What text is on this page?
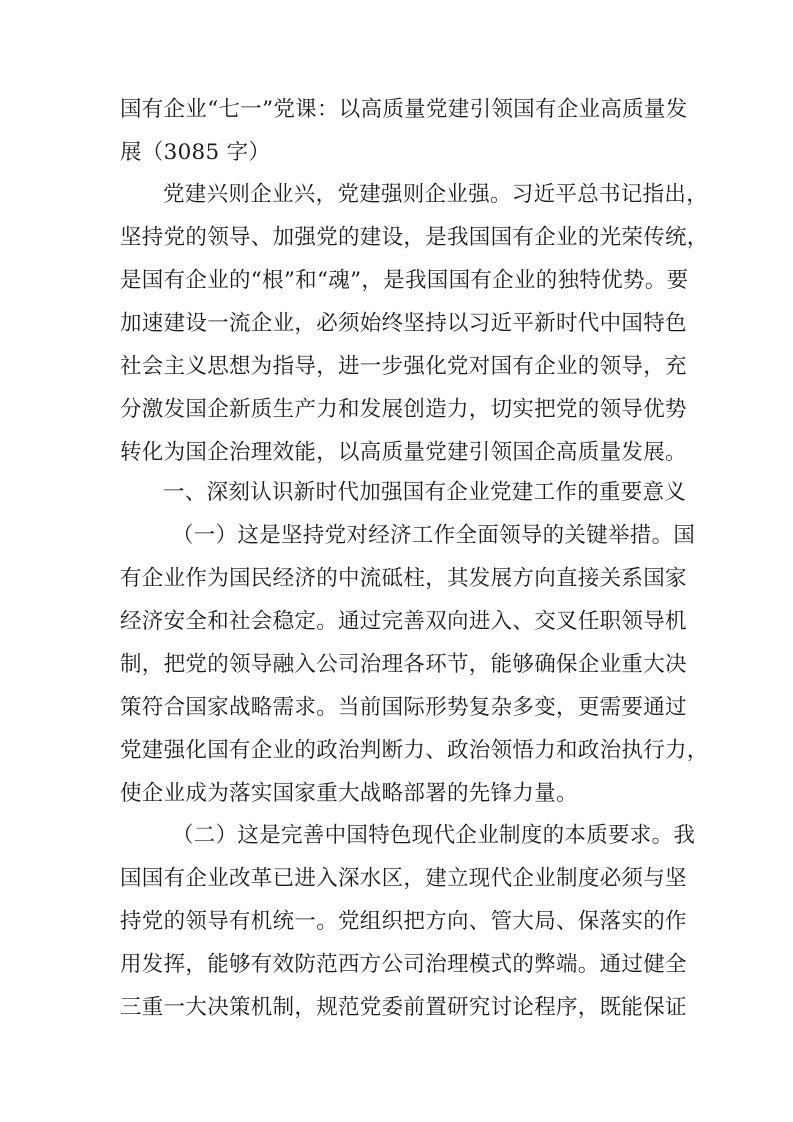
国有企业“七一”党课：以高质量党建引领国有企业高质量发
展（3085 字）
党建兴则企业兴，党建强则企业强。习近平总书记指出，
坚持党的领导、加强党的建设，是我国国有企业的光荣传统，
是国有企业的“根”和“魂”，是我国国有企业的独特优势。要
加速建设一流企业，必须始终坚持以习近平新时代中国特色
社会主义思想为指导，进一步强化党对国有企业的领导，充
分激发国企新质生产力和发展创造力，切实把党的领导优势
转化为国企治理效能，以高质量党建引领国企高质量发展。
一、深刻认识新时代加强国有企业党建工作的重要意义
（一）这是坚持党对经济工作全面领导的关键举措。国
有企业作为国民经济的中流砥柱，其发展方向直接关系国家
经济安全和社会稳定。通过完善双向进入、交叉任职领导机
制，把党的领导融入公司治理各环节，能够确保企业重大决
策符合国家战略需求。当前国际形势复杂多变，更需要通过
党建强化国有企业的政治判断力、政治领悟力和政治执行力，
使企业成为落实国家重大战略部署的先锋力量。
（二）这是完善中国特色现代企业制度的本质要求。我
国国有企业改革已进入深水区，建立现代企业制度必须与坚
持党的领导有机统一。党组织把方向、管大局、保落实的作
用发挥，能够有效防范西方公司治理模式的弊端。通过健全
三重一大决策机制，规范党委前置研究讨论程序，既能保证
